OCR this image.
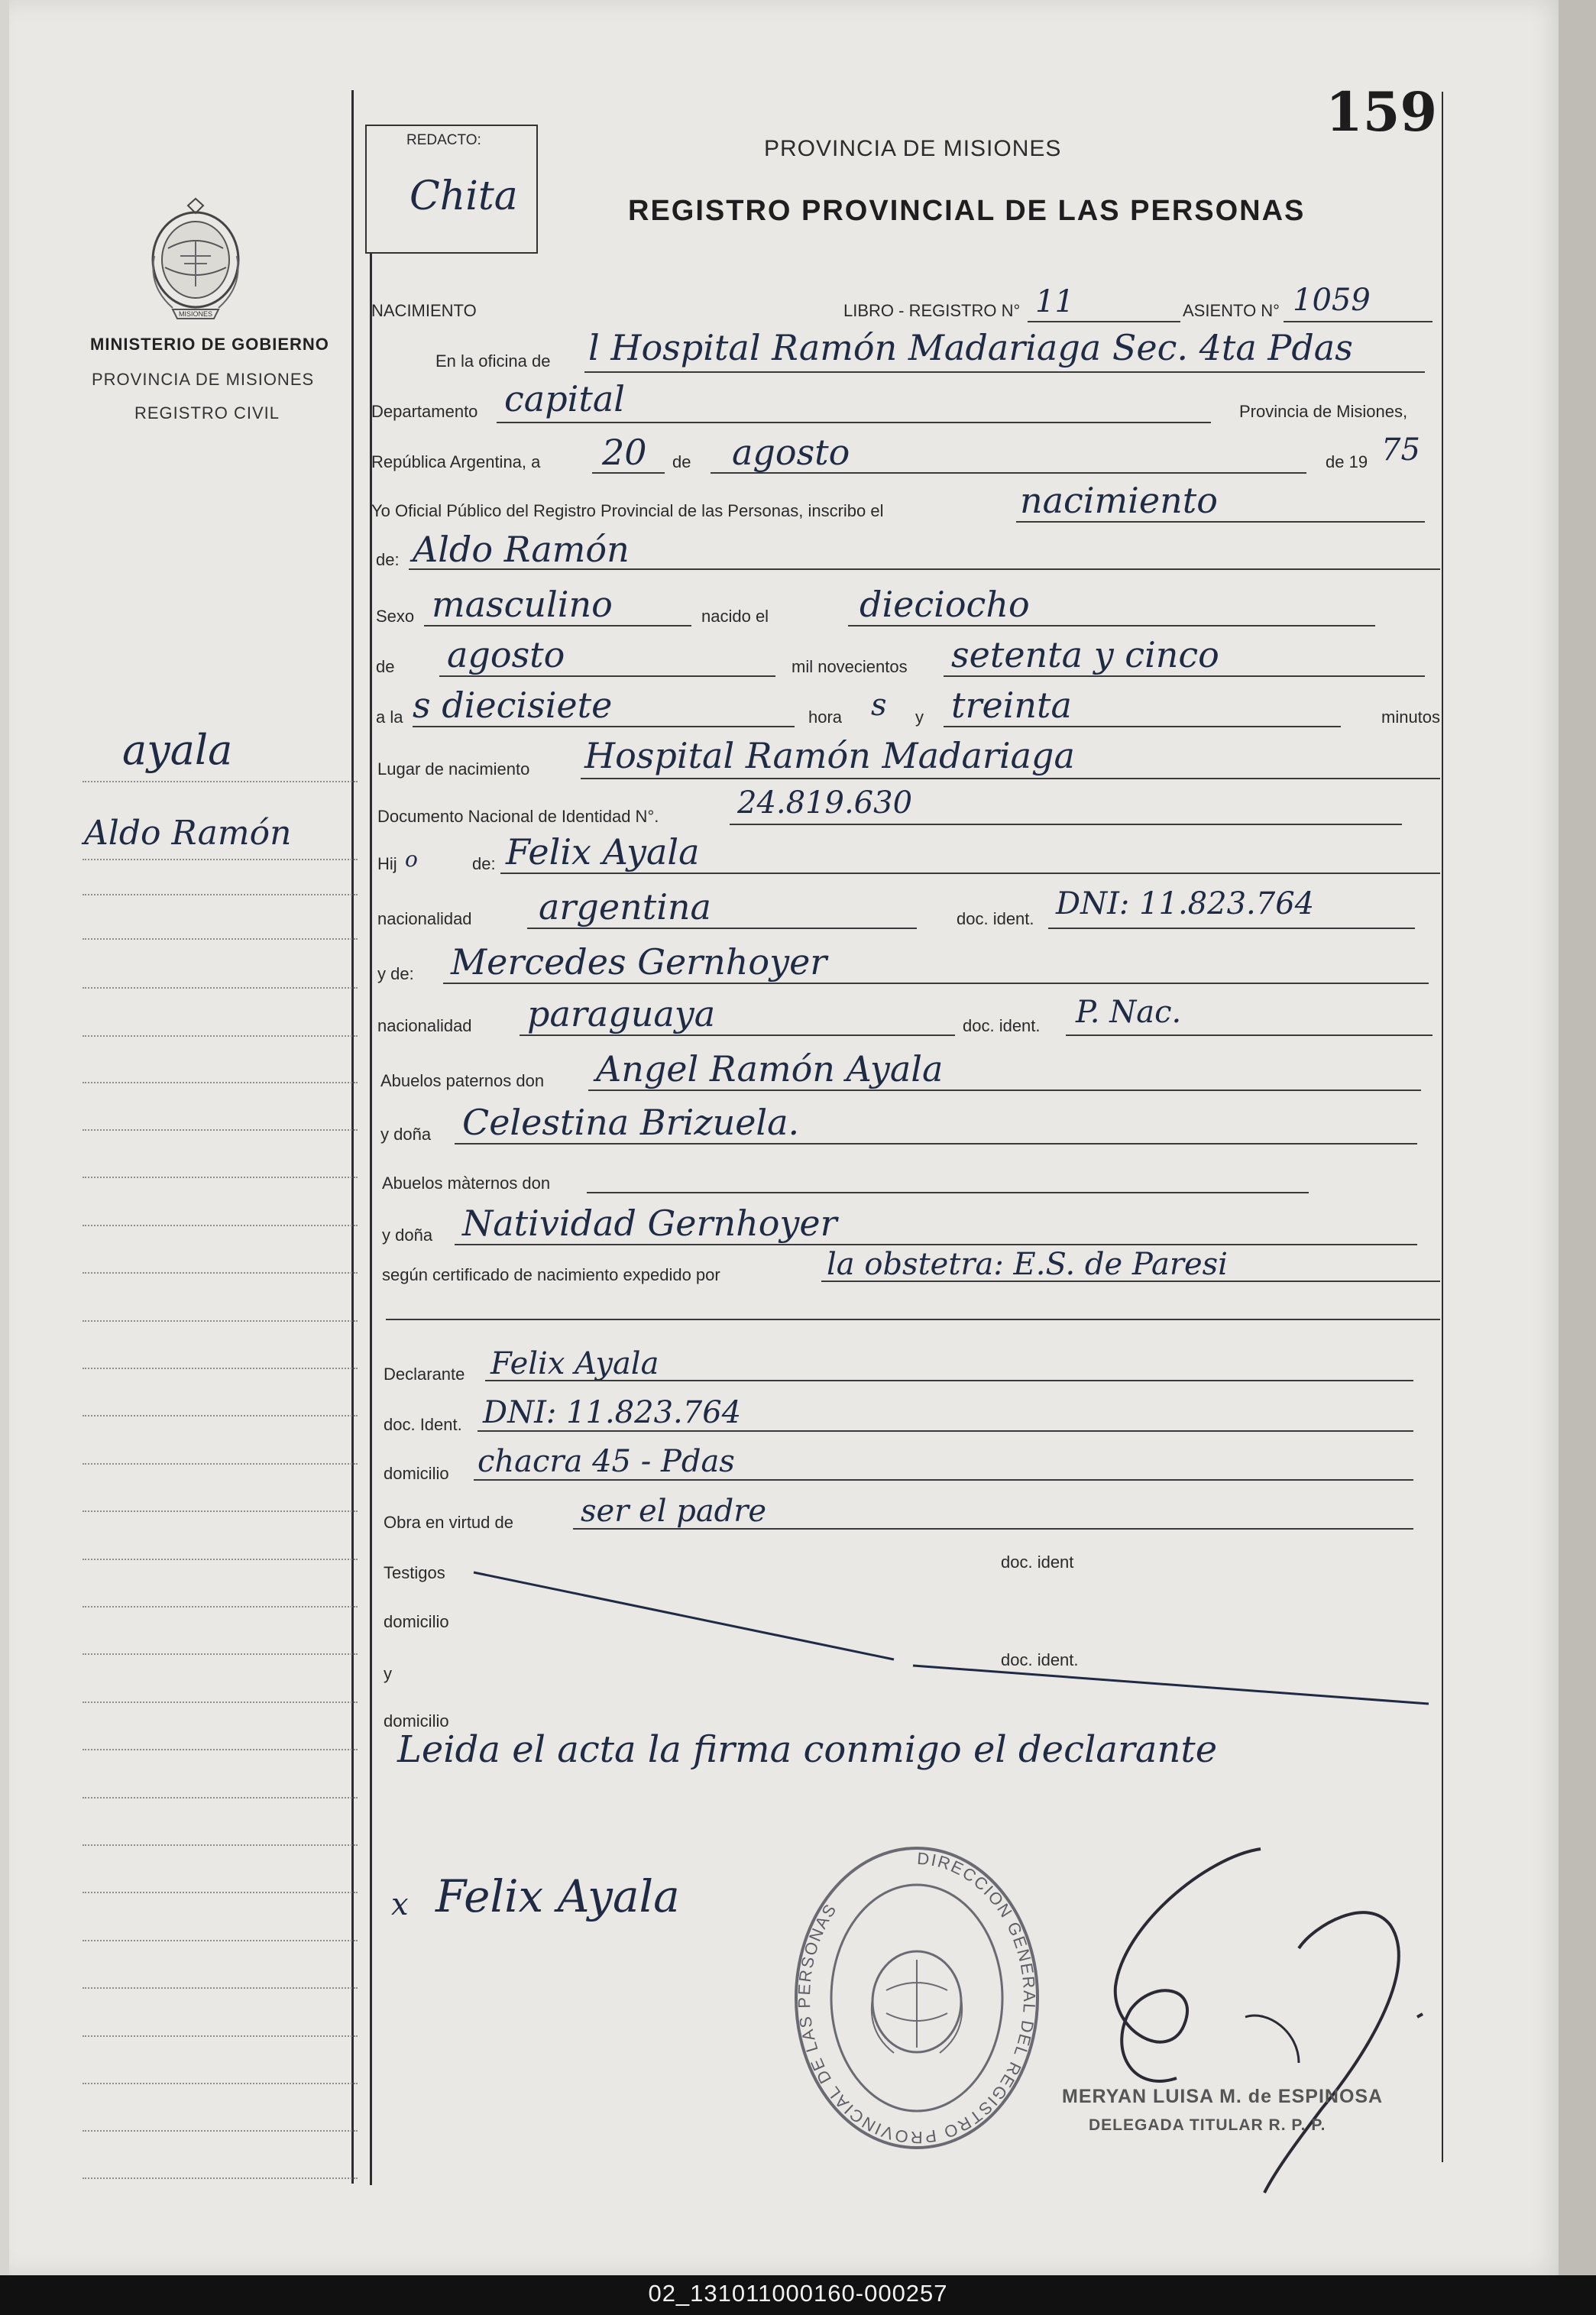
REDACTO:
Chita
159
PROVINCIA DE MISIONES
REGISTRO PROVINCIAL DE LAS PERSONAS
MISIONES
MINISTERIO DE GOBIERNO
PROVINCIA DE MISIONES
REGISTRO CIVIL
ayala
Aldo Ramón
NACIMIENTO	LIBRO - REGISTRO N° 11	ASIENTO N° 1059
En la oficina de l Hospital Ramón Madariaga Sec. 4ta Pdas
Departamento capital	Provincia de Misiones,
República Argentina, a 20 de agosto	de 19 75
Yo Oficial Público del Registro Provincial de las Personas, inscribo el	nacimiento
de: Aldo Ramón
Sexo masculino	nacido el	dieciocho
de agosto	mil novecientos setenta y cinco
a la s diecisiete	hora s y treinta	minutos
Lugar de nacimiento Hospital Ramón Madariaga
Documento Nacional de Identidad N°.	24.819.630
Hij o	de: Felix Ayala
nacionalidad argentina	doc. ident. DNI: 11.823.764
y de: Mercedes Gernhoyer
nacionalidad paraguaya	doc. ident. P. Nac.
Abuelos paternos don Angel Ramón Ayala
y doña Celestina Brizuela.
Abuelos màternos don
y doña Natividad Gernhoyer
según certificado de nacimiento expedido por	la obstetra: E.S. de Paresi
Declarante Felix Ayala
doc. Ident. DNI: 11.823.764
domicilio chacra 45 - Pdas
Obra en virtud de ser el padre
Testigos
doc. ident
domicilio
y
doc. ident.
domicilio
Leida el acta la firma conmigo el declarante
x Felix Ayala
DIRECCION GENERAL DEL REGISTRO PROVINCIAL DE LAS PERSONAS
MERYAN LUISA M. de ESPINOSA
DELEGADA TITULAR R. P. P.
02_131011000160-000257
